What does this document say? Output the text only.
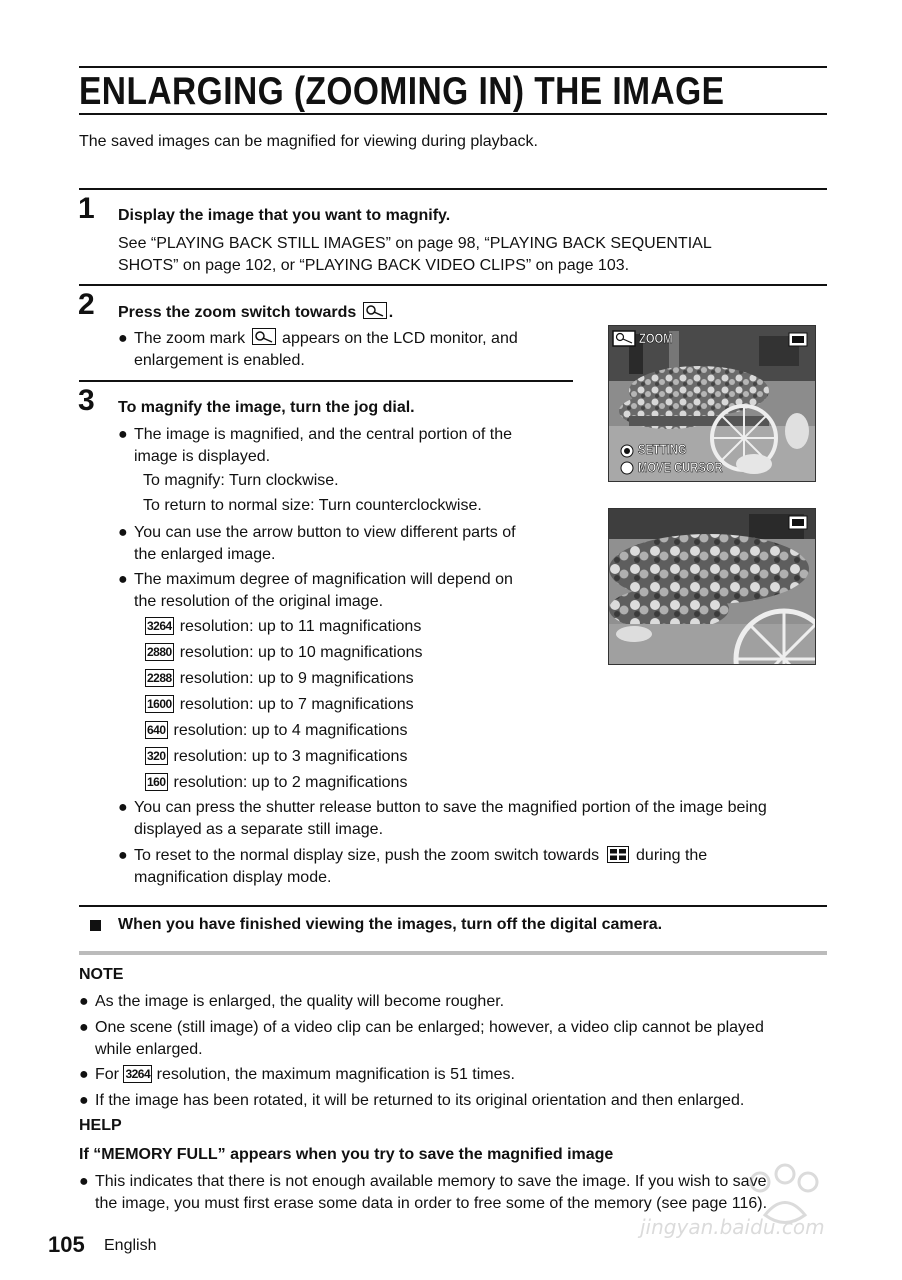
ENLARGING (ZOOMING IN) THE IMAGE
The saved images can be magnified for viewing during playback.
1 Display the image that you want to magnify.
See “PLAYING BACK STILL IMAGES” on page 98, “PLAYING BACK SEQUENTIAL
SHOTS” on page 102, or “PLAYING BACK VIDEO CLIPS” on page 103.
2 Press the zoom switch towards .
● The zoom mark appears on the LCD monitor, and
enlargement is enabled.
3 To magnify the image, turn the jog dial.
● The image is magnified, and the central portion of the
image is displayed.
To magnify: Turn clockwise.
To return to normal size: Turn counterclockwise.
● You can use the arrow button to view different parts of
the enlarged image.
● The maximum degree of magnification will depend on
the resolution of the original image.
3264 resolution: up to 11 magnifications
2880 resolution: up to 10 magnifications
2288 resolution: up to 9 magnifications
1600 resolution: up to 7 magnifications
640 resolution: up to 4 magnifications
320 resolution: up to 3 magnifications
160 resolution: up to 2 magnifications
● You can press the shutter release button to save the magnified portion of the image being
displayed as a separate still image.
● To reset to the normal display size, push the zoom switch towards during the
magnification display mode.
ZOOM
SETTING
MOVE CURSOR
When you have finished viewing the images, turn off the digital camera.
NOTE
● As the image is enlarged, the quality will become rougher.
● One scene (still image) of a video clip can be enlarged; however, a video clip cannot be played
while enlarged.
● For 3264 resolution, the maximum magnification is 51 times.
● If the image has been rotated, it will be returned to its original orientation and then enlarged.
HELP
If “MEMORY FULL” appears when you try to save the magnified image
● This indicates that there is not enough available memory to save the image. If you wish to save
the image, you must first erase some data in order to free some of the memory (see page 116).
jingyan.baidu.com
105 English
